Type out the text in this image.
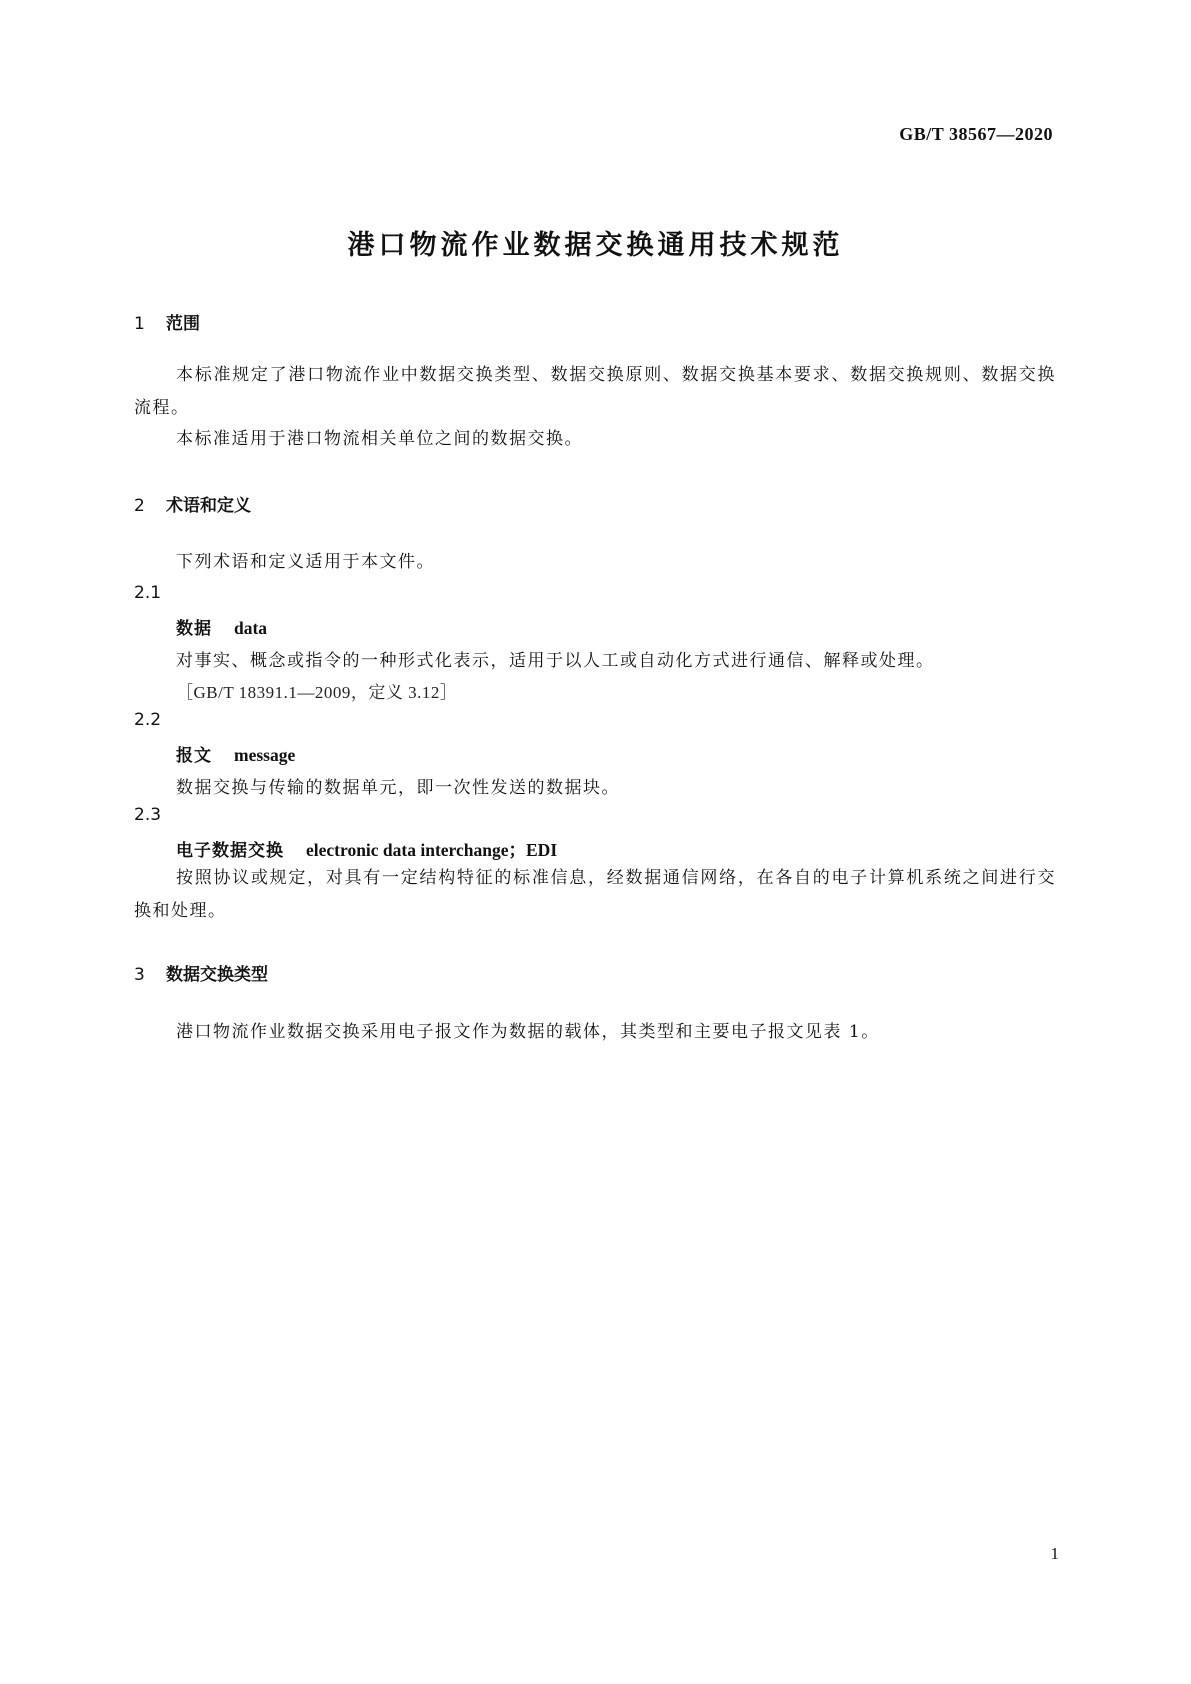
GB/T 38567—2020
港口物流作业数据交换通用技术规范
1 范围
本标准规定了港口物流作业中数据交换类型、数据交换原则、数据交换基本要求、数据交换规则、数据交换流程。
本标准适用于港口物流相关单位之间的数据交换。
2 术语和定义
下列术语和定义适用于本文件。
2.1
数据 data
对事实、概念或指令的一种形式化表示，适用于以人工或自动化方式进行通信、解释或处理。
［GB/T 18391.1—2009，定义 3.12］
2.2
报文 message
数据交换与传输的数据单元，即一次性发送的数据块。
2.3
电子数据交换 electronic data interchange；EDI
按照协议或规定，对具有一定结构特征的标准信息，经数据通信网络，在各自的电子计算机系统之间进行交换和处理。
3 数据交换类型
港口物流作业数据交换采用电子报文作为数据的载体，其类型和主要电子报文见表 1。
1
